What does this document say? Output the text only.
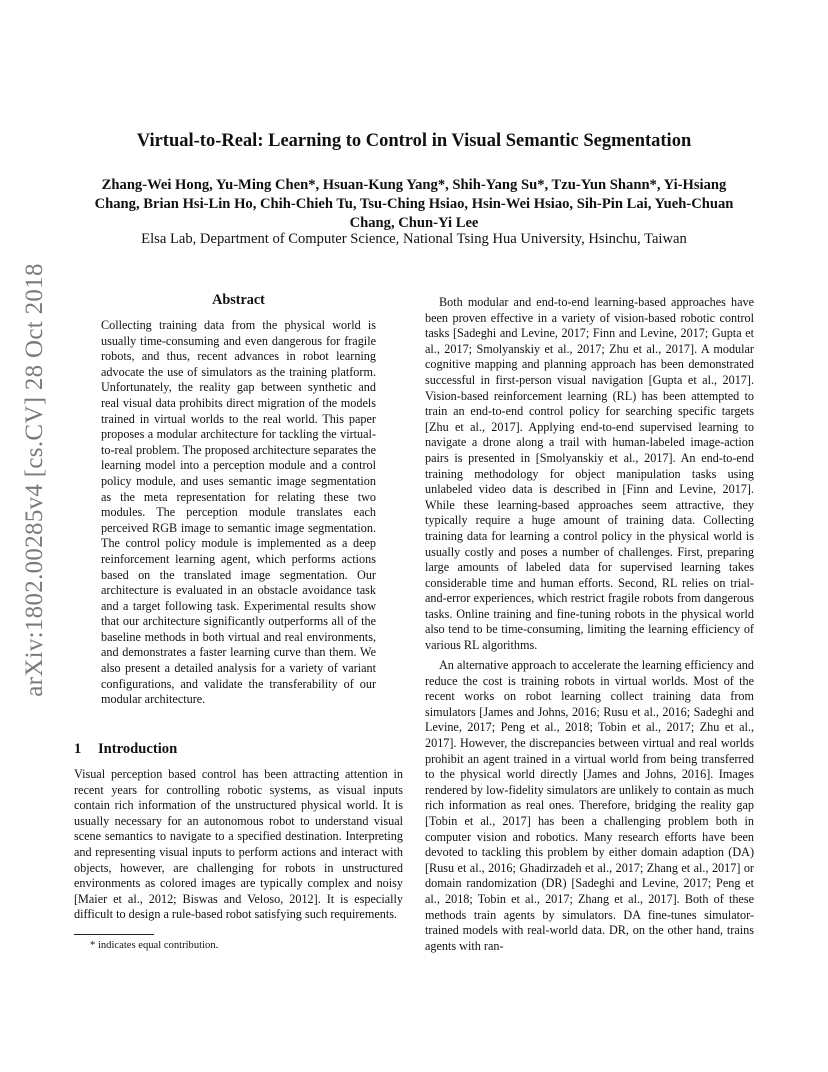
arXiv:1802.00285v4 [cs.CV] 28 Oct 2018
Virtual-to-Real: Learning to Control in Visual Semantic Segmentation
Zhang-Wei Hong, Yu-Ming Chen*, Hsuan-Kung Yang*, Shih-Yang Su*, Tzu-Yun Shann*, Yi-Hsiang Chang, Brian Hsi-Lin Ho, Chih-Chieh Tu, Tsu-Ching Hsiao, Hsin-Wei Hsiao, Sih-Pin Lai, Yueh-Chuan Chang, Chun-Yi Lee
Elsa Lab, Department of Computer Science, National Tsing Hua University, Hsinchu, Taiwan
Abstract
Collecting training data from the physical world is usually time-consuming and even dangerous for fragile robots, and thus, recent advances in robot learning advocate the use of simulators as the training platform. Unfortunately, the reality gap between synthetic and real visual data prohibits direct migration of the models trained in virtual worlds to the real world. This paper proposes a modular architecture for tackling the virtual-to-real problem. The proposed architecture separates the learning model into a perception module and a control policy module, and uses semantic image segmentation as the meta representation for relating these two modules. The perception module translates each perceived RGB image to semantic image segmentation. The control policy module is implemented as a deep reinforcement learning agent, which performs actions based on the translated image segmentation. Our architecture is evaluated in an obstacle avoidance task and a target following task. Experimental results show that our architecture significantly outperforms all of the baseline methods in both virtual and real environments, and demonstrates a faster learning curve than them. We also present a detailed analysis for a variety of variant configurations, and validate the transferability of our modular architecture.
1 Introduction
Visual perception based control has been attracting attention in recent years for controlling robotic systems, as visual inputs contain rich information of the unstructured physical world. It is usually necessary for an autonomous robot to understand visual scene semantics to navigate to a specified destination. Interpreting and representing visual inputs to perform actions and interact with objects, however, are challenging for robots in unstructured environments as colored images are typically complex and noisy [Maier et al., 2012; Biswas and Veloso, 2012]. It is especially difficult to design a rule-based robot satisfying such requirements.
* indicates equal contribution.
Both modular and end-to-end learning-based approaches have been proven effective in a variety of vision-based robotic control tasks [Sadeghi and Levine, 2017; Finn and Levine, 2017; Gupta et al., 2017; Smolyanskiy et al., 2017; Zhu et al., 2017]. A modular cognitive mapping and planning approach has been demonstrated successful in first-person visual navigation [Gupta et al., 2017]. Vision-based reinforcement learning (RL) has been attempted to train an end-to-end control policy for searching specific targets [Zhu et al., 2017]. Applying end-to-end supervised learning to navigate a drone along a trail with human-labeled image-action pairs is presented in [Smolyanskiy et al., 2017]. An end-to-end training methodology for object manipulation tasks using unlabeled video data is described in [Finn and Levine, 2017]. While these learning-based approaches seem attractive, they typically require a huge amount of training data. Collecting training data for learning a control policy in the physical world is usually costly and poses a number of challenges. First, preparing large amounts of labeled data for supervised learning takes considerable time and human efforts. Second, RL relies on trial-and-error experiences, which restrict fragile robots from dangerous tasks. Online training and fine-tuning robots in the physical world also tend to be time-consuming, limiting the learning efficiency of various RL algorithms.
An alternative approach to accelerate the learning efficiency and reduce the cost is training robots in virtual worlds. Most of the recent works on robot learning collect training data from simulators [James and Johns, 2016; Rusu et al., 2016; Sadeghi and Levine, 2017; Peng et al., 2018; Tobin et al., 2017; Zhu et al., 2017]. However, the discrepancies between virtual and real worlds prohibit an agent trained in a virtual world from being transferred to the physical world directly [James and Johns, 2016]. Images rendered by low-fidelity simulators are unlikely to contain as much rich information as real ones. Therefore, bridging the reality gap [Tobin et al., 2017] has been a challenging problem both in computer vision and robotics. Many research efforts have been devoted to tackling this problem by either domain adaption (DA) [Rusu et al., 2016; Ghadirzadeh et al., 2017; Zhang et al., 2017] or domain randomization (DR) [Sadeghi and Levine, 2017; Peng et al., 2018; Tobin et al., 2017; Zhang et al., 2017]. Both of these methods train agents by simulators. DA fine-tunes simulator-trained models with real-world data. DR, on the other hand, trains agents with ran-
